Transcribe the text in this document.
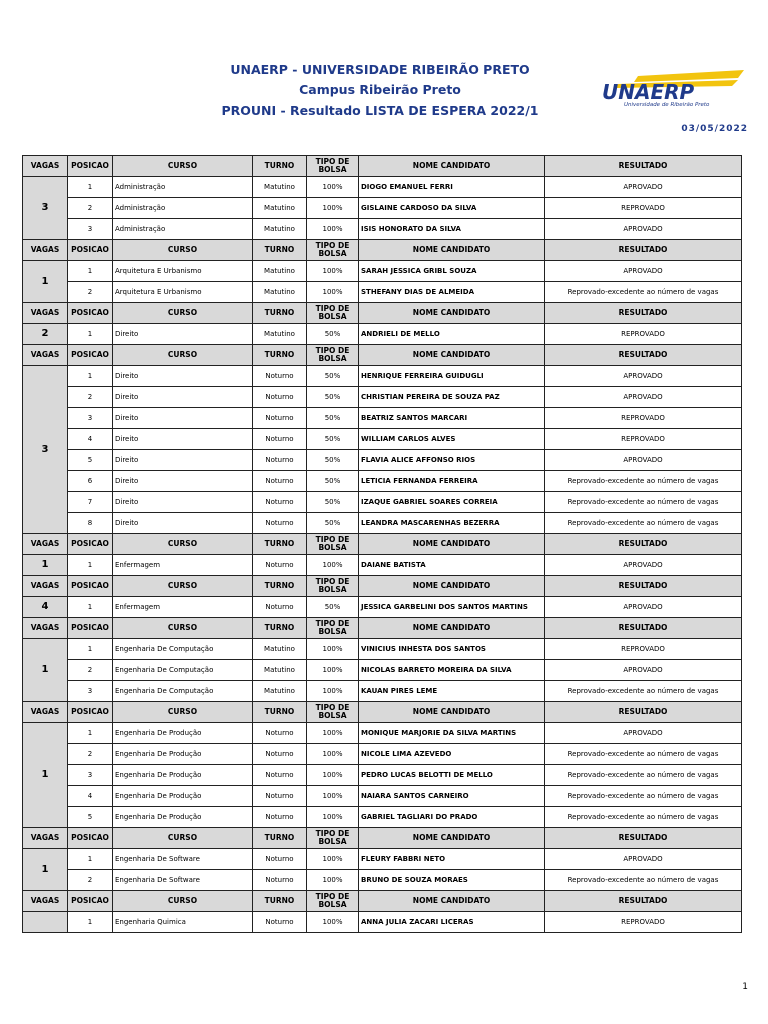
UNAERP - UNIVERSIDADE RIBEIRÃO PRETO
Campus Ribeirão Preto
PROUNI - Resultado LISTA DE ESPERA 2022/1
UNAERP
Universidade de Ribeirão Preto
03/05/2022
VAGAS	POSICAO	CURSO	TURNO	TIPO DE BOLSA	NOME CANDIDATO	RESULTADO
3	1	Administração	Matutino	100%	DIOGO EMANUEL FERRI	APROVADO
	2	Administração	Matutino	100%	GISLAINE CARDOSO DA SILVA	REPROVADO
	3	Administração	Matutino	100%	ISIS HONORATO DA SILVA	APROVADO
VAGAS	POSICAO	CURSO	TURNO	TIPO DE BOLSA	NOME CANDIDATO	RESULTADO
1	1	Arquitetura E Urbanismo	Matutino	100%	SARAH JESSICA GRIBL SOUZA	APROVADO
	2	Arquitetura E Urbanismo	Matutino	100%	STHEFANY DIAS DE ALMEIDA	Reprovado-excedente ao número de vagas
VAGAS	POSICAO	CURSO	TURNO	TIPO DE BOLSA	NOME CANDIDATO	RESULTADO
2	1	Direito	Matutino	50%	ANDRIELI DE MELLO	REPROVADO
VAGAS	POSICAO	CURSO	TURNO	TIPO DE BOLSA	NOME CANDIDATO	RESULTADO
3	1	Direito	Noturno	50%	HENRIQUE FERREIRA GUIDUGLI	APROVADO
	2	Direito	Noturno	50%	CHRISTIAN PEREIRA DE SOUZA PAZ	APROVADO
	3	Direito	Noturno	50%	BEATRIZ SANTOS MARCARI	REPROVADO
	4	Direito	Noturno	50%	WILLIAM CARLOS ALVES	REPROVADO
	5	Direito	Noturno	50%	FLAVIA ALICE AFFONSO RIOS	APROVADO
	6	Direito	Noturno	50%	LETICIA FERNANDA FERREIRA	Reprovado-excedente ao número de vagas
	7	Direito	Noturno	50%	IZAQUE GABRIEL SOARES CORREIA	Reprovado-excedente ao número de vagas
	8	Direito	Noturno	50%	LEANDRA MASCARENHAS BEZERRA	Reprovado-excedente ao número de vagas
VAGAS	POSICAO	CURSO	TURNO	TIPO DE BOLSA	NOME CANDIDATO	RESULTADO
1	1	Enfermagem	Noturno	100%	DAIANE BATISTA	APROVADO
VAGAS	POSICAO	CURSO	TURNO	TIPO DE BOLSA	NOME CANDIDATO	RESULTADO
4	1	Enfermagem	Noturno	50%	JESSICA GARBELINI DOS SANTOS MARTINS	APROVADO
VAGAS	POSICAO	CURSO	TURNO	TIPO DE BOLSA	NOME CANDIDATO	RESULTADO
1	1	Engenharia De Computação	Matutino	100%	VINICIUS INHESTA DOS SANTOS	REPROVADO
	2	Engenharia De Computação	Matutino	100%	NICOLAS BARRETO MOREIRA DA SILVA	APROVADO
	3	Engenharia De Computação	Matutino	100%	KAUAN PIRES LEME	Reprovado-excedente ao número de vagas
VAGAS	POSICAO	CURSO	TURNO	TIPO DE BOLSA	NOME CANDIDATO	RESULTADO
1	1	Engenharia De Produção	Noturno	100%	MONIQUE MARJORIE DA SILVA MARTINS	APROVADO
	2	Engenharia De Produção	Noturno	100%	NICOLE LIMA AZEVEDO	Reprovado-excedente ao número de vagas
	3	Engenharia De Produção	Noturno	100%	PEDRO LUCAS BELOTTI DE MELLO	Reprovado-excedente ao número de vagas
	4	Engenharia De Produção	Noturno	100%	NAIARA SANTOS CARNEIRO	Reprovado-excedente ao número de vagas
	5	Engenharia De Produção	Noturno	100%	GABRIEL TAGLIARI DO PRADO	Reprovado-excedente ao número de vagas
VAGAS	POSICAO	CURSO	TURNO	TIPO DE BOLSA	NOME CANDIDATO	RESULTADO
1	1	Engenharia De Software	Noturno	100%	FLEURY FABBRI NETO	APROVADO
	2	Engenharia De Software	Noturno	100%	BRUNO DE SOUZA MORAES	Reprovado-excedente ao número de vagas
VAGAS	POSICAO	CURSO	TURNO	TIPO DE BOLSA	NOME CANDIDATO	RESULTADO
	1	Engenharia Quimica	Noturno	100%	ANNA JULIA ZACARI LICERAS	REPROVADO
1
